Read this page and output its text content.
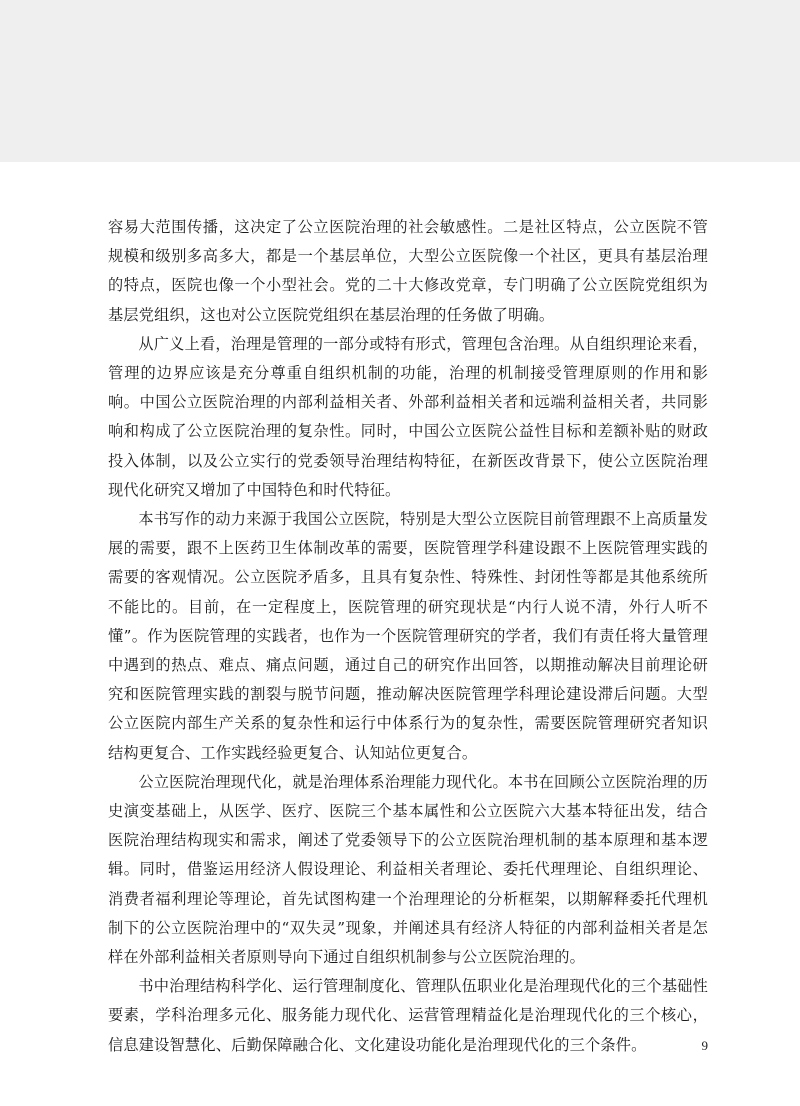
容易大范围传播，这决定了公立医院治理的社会敏感性。二是社区特点，公立医院不管规模和级别多高多大，都是一个基层单位，大型公立医院像一个社区，更具有基层治理的特点，医院也像一个小型社会。党的二十大修改党章，专门明确了公立医院党组织为基层党组织，这也对公立医院党组织在基层治理的任务做了明确。

从广义上看，治理是管理的一部分或特有形式，管理包含治理。从自组织理论来看，管理的边界应该是充分尊重自组织机制的功能，治理的机制接受管理原则的作用和影响。中国公立医院治理的内部利益相关者、外部利益相关者和远端利益相关者，共同影响和构成了公立医院治理的复杂性。同时，中国公立医院公益性目标和差额补贴的财政投入体制，以及公立实行的党委领导治理结构特征，在新医改背景下，使公立医院治理现代化研究又增加了中国特色和时代特征。

本书写作的动力来源于我国公立医院，特别是大型公立医院目前管理跟不上高质量发展的需要，跟不上医药卫生体制改革的需要，医院管理学科建设跟不上医院管理实践的需要的客观情况。公立医院矛盾多，且具有复杂性、特殊性、封闭性等都是其他系统所不能比的。目前，在一定程度上，医院管理的研究现状是“内行人说不清，外行人听不懂”。作为医院管理的实践者，也作为一个医院管理研究的学者，我们有责任将大量管理中遇到的热点、难点、痛点问题，通过自己的研究作出回答，以期推动解决目前理论研究和医院管理实践的割裂与脱节问题，推动解决医院管理学科理论建设滞后问题。大型公立医院内部生产关系的复杂性和运行中体系行为的复杂性，需要医院管理研究者知识结构更复合、工作实践经验更复合、认知站位更复合。

公立医院治理现代化，就是治理体系治理能力现代化。本书在回顾公立医院治理的历史演变基础上，从医学、医疗、医院三个基本属性和公立医院六大基本特征出发，结合医院治理结构现实和需求，阐述了党委领导下的公立医院治理机制的基本原理和基本逻辑。同时，借鉴运用经济人假设理论、利益相关者理论、委托代理理论、自组织理论、消费者福利理论等理论，首先试图构建一个治理理论的分析框架，以期解释委托代理机制下的公立医院治理中的“双失灵”现象，并阐述具有经济人特征的内部利益相关者是怎样在外部利益相关者原则导向下通过自组织机制参与公立医院治理的。

书中治理结构科学化、运行管理制度化、管理队伍职业化是治理现代化的三个基础性要素，学科治理多元化、服务能力现代化、运营管理精益化是治理现代化的三个核心，信息建设智慧化、后勤保障融合化、文化建设功能化是治理现代化的三个条件。	9
